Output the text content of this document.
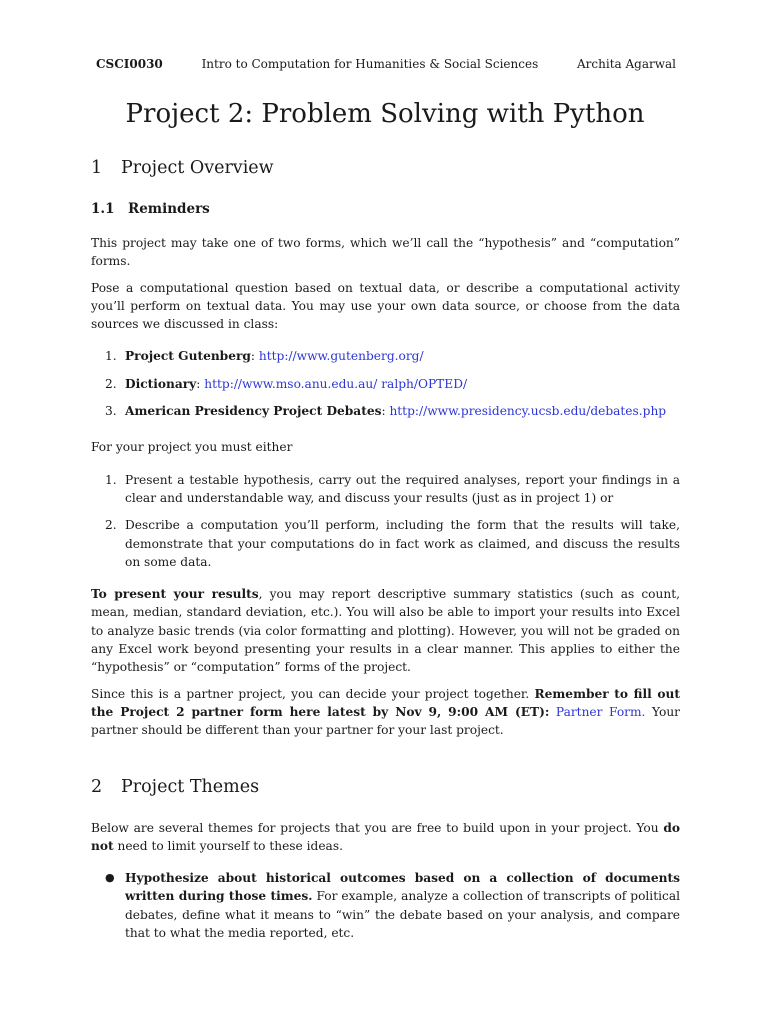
CSCI0030	Intro to Computation for Humanities & Social Sciences	Archita Agarwal
Project 2: Problem Solving with Python
1	Project Overview
1.1	Reminders

This project may take one of two forms, which we’ll call the “hypothesis” and “computation” forms.

Pose a computational question based on textual data, or describe a computational activity you’ll perform on textual data. You may use your own data source, or choose from the data sources we discussed in class:

1. Project Gutenberg: http://www.gutenberg.org/
2. Dictionary: http://www.mso.anu.edu.au/ ralph/OPTED/
3. American Presidency Project Debates: http://www.presidency.ucsb.edu/debates.php

For your project you must either

1. Present a testable hypothesis, carry out the required analyses, report your findings in a clear and understandable way, and discuss your results (just as in project 1) or
2. Describe a computation you’ll perform, including the form that the results will take, demonstrate that your computations do in fact work as claimed, and discuss the results on some data.

To present your results, you may report descriptive summary statistics (such as count, mean, median, standard deviation, etc.). You will also be able to import your results into Excel to analyze basic trends (via color formatting and plotting). However, you will not be graded on any Excel work beyond presenting your results in a clear manner. This applies to either the “hypothesis” or “computation” forms of the project.

Since this is a partner project, you can decide your project together. Remember to fill out the Project 2 partner form here latest by Nov 9, 9:00 AM (ET): Partner Form. Your partner should be different than your partner for your last project.

2	Project Themes

Below are several themes for projects that you are free to build upon in your project. You do not need to limit yourself to these ideas.

● Hypothesize about historical outcomes based on a collection of documents written during those times. For example, analyze a collection of transcripts of political debates, define what it means to “win” the debate based on your analysis, and compare that to what the media reported, etc.
